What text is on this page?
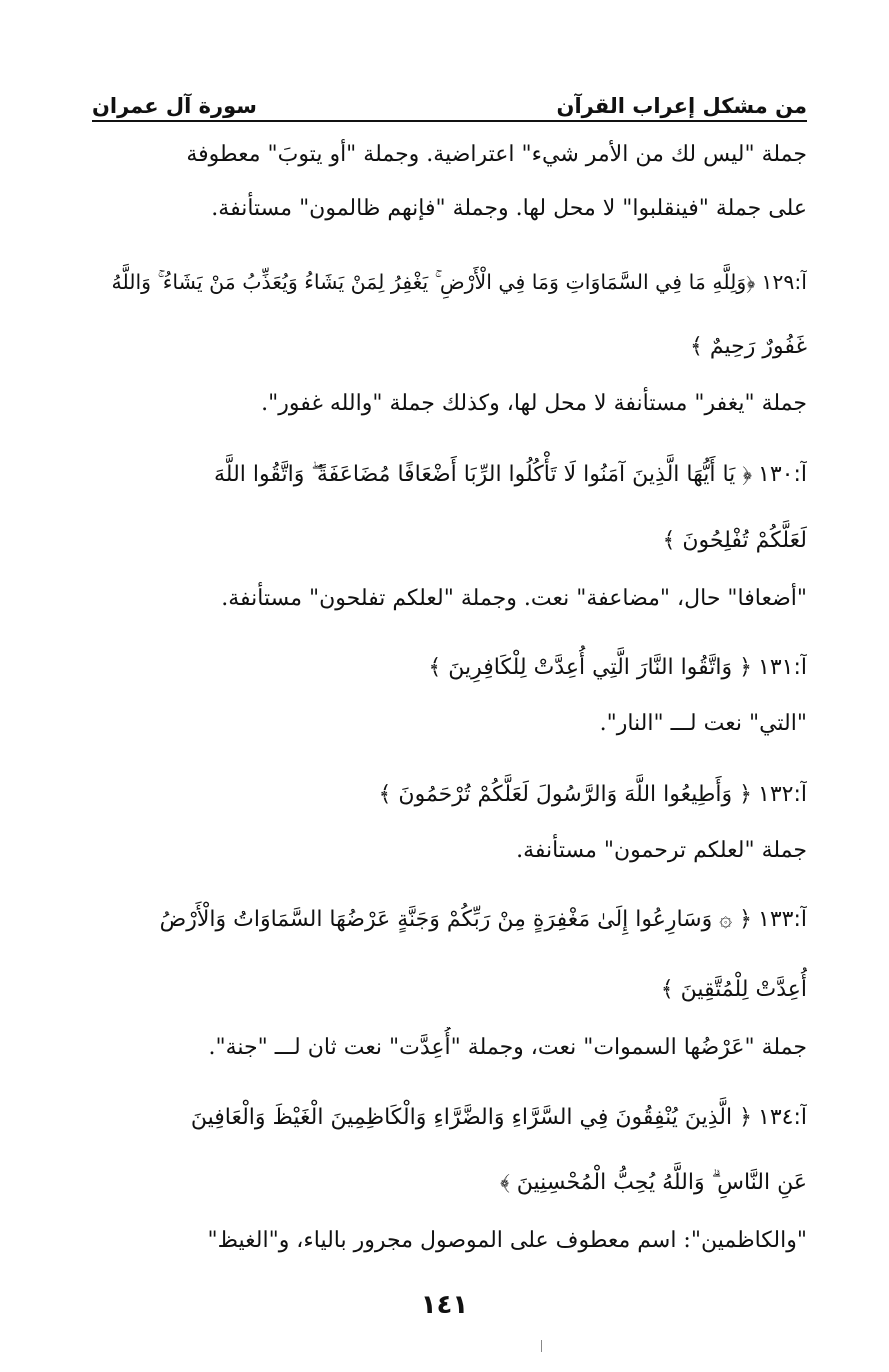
من مشكل إعراب القرآن
سورة آل عمران
جملة "ليس لك من الأمر شيء" اعتراضية. وجملة "أو يتوبَ" معطوفة
على جملة "فينقلبوا" لا محل لها. وجملة "فإنهم ظالمون" مستأنفة.
آ:١٢٩
﴿وَلِلَّهِ مَا فِي السَّمَاوَاتِ وَمَا فِي الْأَرْضِ ۚ يَغْفِرُ لِمَنْ يَشَاءُ وَيُعَذِّبُ مَنْ يَشَاءُ ۚ وَاللَّهُ
غَفُورٌ رَحِيمٌ ﴾
جملة "يغفر" مستأنفة لا محل لها، وكذلك جملة "والله غفور".
آ:١٣٠
﴿ يَا أَيُّهَا الَّذِينَ آمَنُوا لَا تَأْكُلُوا الرِّبَا أَضْعَافًا مُضَاعَفَةً ۖ وَاتَّقُوا اللَّهَ
لَعَلَّكُمْ تُفْلِحُونَ ﴾
"أضعافا" حال، "مضاعفة" نعت. وجملة "لعلكم تفلحون" مستأنفة.
آ:١٣١
﴿ وَاتَّقُوا النَّارَ الَّتِي أُعِدَّتْ لِلْكَافِرِينَ ﴾
"التي" نعت لـــ "النار".
آ:١٣٢
﴿ وَأَطِيعُوا اللَّهَ وَالرَّسُولَ لَعَلَّكُمْ تُرْحَمُونَ ﴾
جملة "لعلكم ترحمون" مستأنفة.
آ:١٣٣
﴿ ۞ وَسَارِعُوا إِلَىٰ مَغْفِرَةٍ مِنْ رَبِّكُمْ وَجَنَّةٍ عَرْضُهَا السَّمَاوَاتُ وَالْأَرْضُ
أُعِدَّتْ لِلْمُتَّقِينَ ﴾
جملة "عَرْضُها السموات" نعت، وجملة "أُعِدَّت" نعت ثان لـــ "جنة".
آ:١٣٤
﴿ الَّذِينَ يُنْفِقُونَ فِي السَّرَّاءِ وَالضَّرَّاءِ وَالْكَاظِمِينَ الْغَيْظَ وَالْعَافِينَ
عَنِ النَّاسِ ۗ وَاللَّهُ يُحِبُّ الْمُحْسِنِينَ ﴾
"والكاظمين": اسم معطوف على الموصول مجرور بالياء، و"الغيظ"
١٤١
